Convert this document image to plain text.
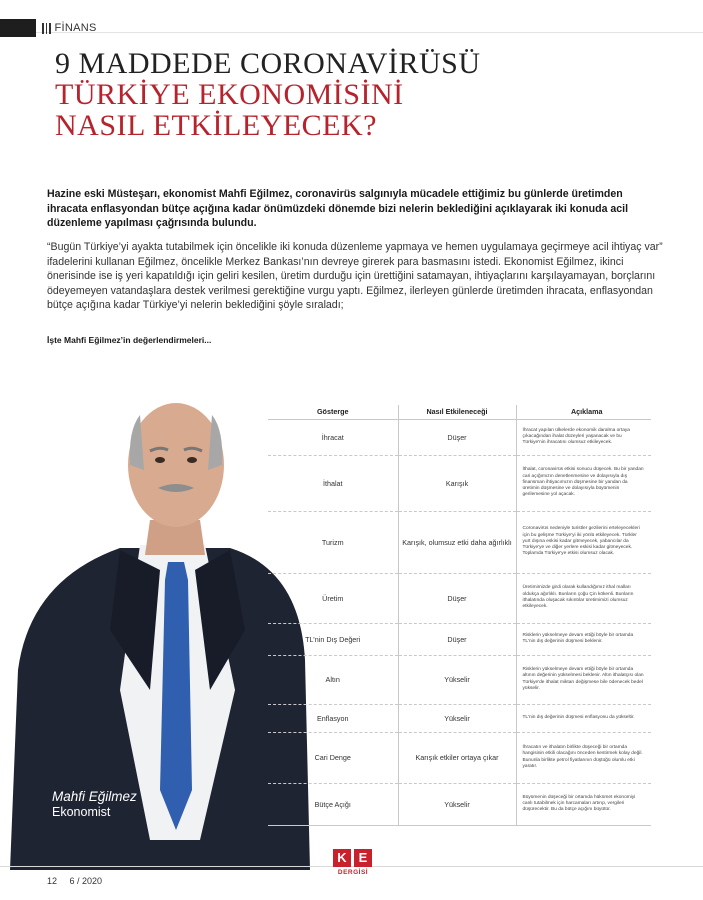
FİNANS
9 MADDEDE CORONAVİRÜSÜ
TÜRKİYE EKONOMİSİNİ
NASIL ETKİLEYECEK?

Hazine eski Müsteşarı, ekonomist Mahfi Eğilmez, coronavirüs salgınıyla mücadele ettiğimiz bu günlerde üretimden ihracata enflasyondan bütçe açığına kadar önümüzdeki dönemde bizi nelerin beklediğini açıklayarak iki konuda acil düzenleme yapılması çağrısında bulundu.

“Bugün Türkiye’yi ayakta tutabilmek için öncelikle iki konuda düzenleme yapmaya ve hemen uygulamaya geçirmeye acil ihtiyaç var” ifadelerini kullanan Eğilmez, öncelikle Merkez Bankası’nın devreye girerek para basmasını istedi. Ekonomist Eğilmez, ikinci önerisinde ise iş yeri kapatıldığı için geliri kesilen, üretim durduğu için ürettiğini satamayan, ihtiyaçlarını karşılayamayan, borçlarını ödeyemeyen vatandaşlara destek verilmesi gerektiğine vurgu yaptı. Eğilmez, ilerleyen günlerde üretimden ihracata, enflasyondan bütçe açığına kadar Türkiye’yi nelerin beklediğini şöyle sıraladı;

İşte Mahfi Eğilmez’in değerlendirmeleri...

Mahfi Eğilmez
Ekonomist
Gösterge	Nasıl Etkileneceği	Açıklama
İhracat	Düşer	İhracat yapılan ülkelerde ekonomik daralma ortaya çıkacağından ihalat düzeyleri yaşanacak ve bu Türkiye'nin ihracatını olumsuz etkileyecek.
İthalat	Karışık	İthalat, coronavirüs etkisi sonucu düşecek. Bu bir yandan cari açığımızın denetlenmesine ve dolayısıyla dış finansman ihtiyacımızın düşmesine bir yandan da üretimin düşmesine ve dolayısıyla büyümenin gerilemesine yol açacak.
Turizm	Karışık, olumsuz etki daha ağırlıklı	Coronavirüs nedeniyle turistler gezilerini erteleyecekleri için bu gelişme Türkiye'yi iki yönlü etkileyecek. Türkler yurt dışına eskisi kadar gitmeyecek, yabancılar da Türkiye'ye ve diğer yerlere eskisi kadar gitmeyecek. Toplamda Türkiye'ye etkisi olumsuz olacak.
Üretim	Düşer	Üretimimizde girdi olarak kullandığımız ithal malları oldukça ağırlıklı. Bunların çoğu Çin kökenli. Bunların ithalatında oluşacak sıkıntılar üretimimizi olumsuz etkileyecek.
TL’nin Dış Değeri	Düşer	Risklerin yükselmeye devam ettiği böyle bir ortamda TL'nin dış değerinin düşmesi beklenir.
Altın	Yükselir	Risklerin yükselmeye devam ettiği böyle bir ortamda altının değerinin yükselmesi beklenir. Altın ithalatçısı olan Türkiye'de ithalat miktarı değişmese bile ödenecek bedel yükselir.
Enflasyon	Yükselir	TL'nin dış değerinin düşmesi enflasyonu da yükseltir.
Cari Denge	Karışık etkiler ortaya çıkar	İhracatın ve ithalatın birlikte düşeceği bir ortamda hangisinin etkili olacağını önceden kestirmek kolay değil. Bununla birlikte petrol fiyatlarının düştüğü olumlu etki yaratır.
Bütçe Açığı	Yükselir	Büyümenin düşeceği bir ortamda hükümet ekonomiyi canlı tutabilmek için harcamaları artırıp, vergileri düşürecektir. Bu da bütçe açığını büyütür.
12 6 / 2020
K E
DERGİSİ
